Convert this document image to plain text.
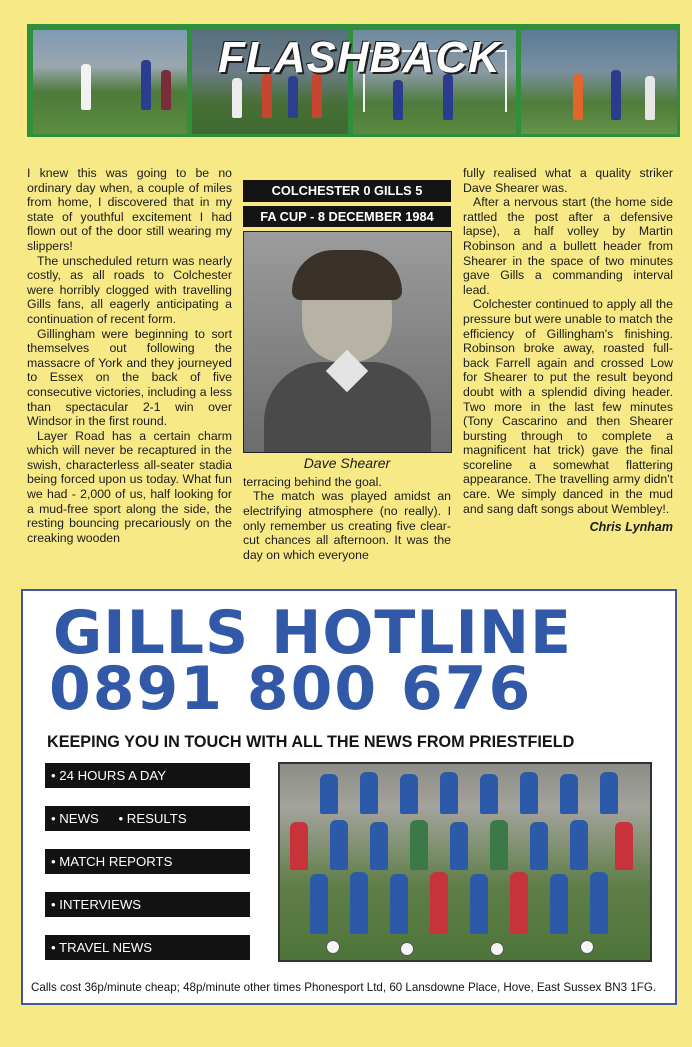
FLASHBACK

I knew this was going to be no ordinary day when, a couple of miles from home, I discovered that in my state of youthful excitement I had flown out of the door still wearing my slippers!

The unscheduled return was nearly costly, as all roads to Colchester were horribly clogged with travelling Gills fans, all eagerly anticipating a continuation of recent form.

Gillingham were beginning to sort themselves out following the massacre of York and they journeyed to Essex on the back of five consecutive victories, including a less than spectacular 2-1 win over Windsor in the first round.

Layer Road has a certain charm which will never be recaptured in the swish, characterless all-seater stadia being forced upon us today. What fun we had - 2,000 of us, half looking for a mud-free sport along the side, the resting bouncing precariously on the creaking wooden

COLCHESTER 0 GILLS 5
FA CUP - 8 DECEMBER 1984
Dave Shearer

terracing behind the goal.

The match was played amidst an electrifying atmosphere (no really). I only remember us creating five clear-cut chances all afternoon. It was the day on which everyone

fully realised what a quality striker Dave Shearer was.

After a nervous start (the home side rattled the post after a defensive lapse), a half volley by Martin Robinson and a bullett header from Shearer in the space of two minutes gave Gills a commanding interval lead.

Colchester continued to apply all the pressure but were unable to match the efficiency of Gillingham's finishing. Robinson broke away, roasted full-back Farrell again and crossed Low for Shearer to put the result beyond doubt with a splendid diving header. Two more in the last few minutes (Tony Cascarino and then Shearer bursting through to complete a magnificent hat trick) gave the final scoreline a somewhat flattering appearance. The travelling army didn't care. We simply danced in the mud and sang daft songs about Wembley!.

Chris Lynham
GILLS HOTLINE
0891 800 676
KEEPING YOU IN TOUCH WITH ALL THE NEWS FROM PRIESTFIELD
• 24 HOURS A DAY
• NEWS • RESULTS
• MATCH REPORTS
• INTERVIEWS
• TRAVEL NEWS
Calls cost 36p/minute cheap; 48p/minute other times Phonesport Ltd, 60 Lansdowne Place, Hove, East Sussex BN3 1FG.
